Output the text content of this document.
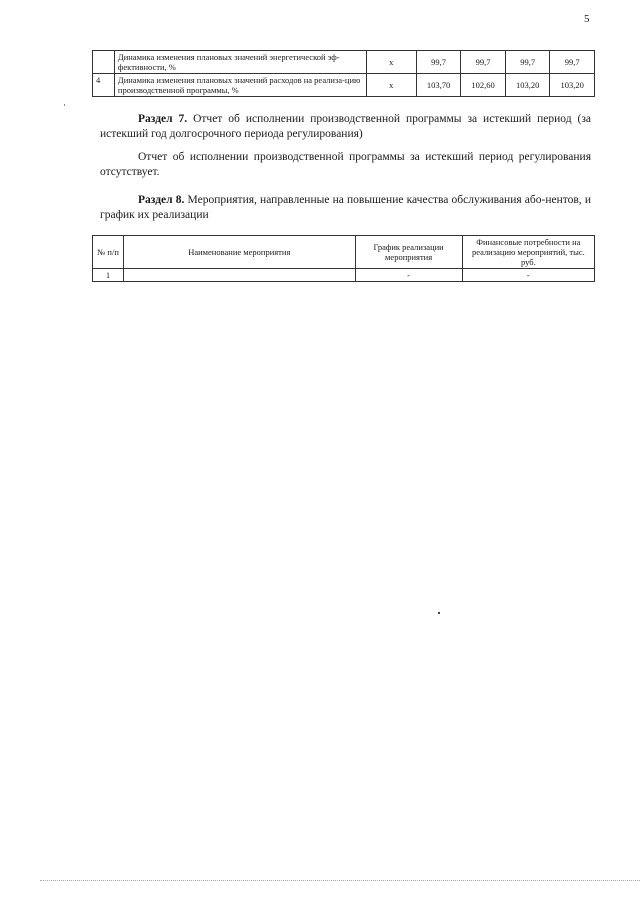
5
	Динамика изменения плановых значений энергетической эф-фективности, %	х	99,7	99,7	99,7	99,7
4	Динамика изменения плановых значений расходов на реализа-цию производственной программы, %	х	103,70	102,60	103,20	103,20
Раздел 7. Отчет об исполнении производственной программы за истекший период (за истекший год долгосрочного периода регулирования)
Отчет об исполнении производственной программы за истекший период регулирования отсутствует.
Раздел 8. Мероприятия, направленные на повышение качества обслуживания або-нентов, и график их реализации
№ п/п	Наименование мероприятия	График реализации мероприятия	Финансовые потребности на реализацию мероприятий, тыс. руб.
1		-	-
